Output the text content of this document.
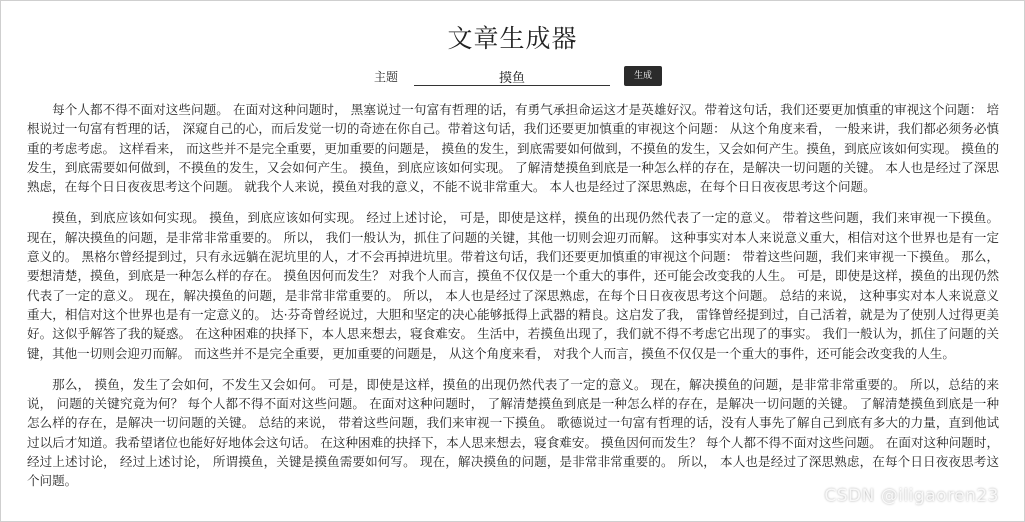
文章生成器
主题
摸鱼	生成

每个人都不得不面对这些问题。 在面对这种问题时， 黑塞说过一句富有哲理的话，有勇气承担命运这才是英雄好汉。带着这句话，我们还要更加慎重的审视这个问题： 培根说过一句富有哲理的话， 深窥自己的心，而后发觉一切的奇迹在你自己。带着这句话，我们还要更加慎重的审视这个问题： 从这个角度来看， 一般来讲，我们都必须务必慎重的考虑考虑。 这样看来， 而这些并不是完全重要，更加重要的问题是， 摸鱼的发生，到底需要如何做到，不摸鱼的发生，又会如何产生。摸鱼，到底应该如何实现。 摸鱼的发生，到底需要如何做到，不摸鱼的发生，又会如何产生。 摸鱼，到底应该如何实现。 了解清楚摸鱼到底是一种怎么样的存在，是解决一切问题的关键。 本人也是经过了深思熟虑，在每个日日夜夜思考这个问题。 就我个人来说，摸鱼对我的意义，不能不说非常重大。 本人也是经过了深思熟虑，在每个日日夜夜思考这个问题。

摸鱼，到底应该如何实现。 摸鱼，到底应该如何实现。 经过上述讨论， 可是，即使是这样，摸鱼的出现仍然代表了一定的意义。 带着这些问题，我们来审视一下摸鱼。 现在，解决摸鱼的问题，是非常非常重要的。 所以， 我们一般认为，抓住了问题的关键，其他一切则会迎刃而解。 这种事实对本人来说意义重大，相信对这个世界也是有一定意义的。 黑格尔曾经提到过，只有永远躺在泥坑里的人，才不会再掉进坑里。带着这句话，我们还要更加慎重的审视这个问题： 带着这些问题，我们来审视一下摸鱼。 那么， 要想清楚，摸鱼，到底是一种怎么样的存在。 摸鱼因何而发生？ 对我个人而言，摸鱼不仅仅是一个重大的事件，还可能会改变我的人生。 可是，即使是这样，摸鱼的出现仍然代表了一定的意义。 现在，解决摸鱼的问题，是非常非常重要的。 所以， 本人也是经过了深思熟虑，在每个日日夜夜思考这个问题。 总结的来说， 这种事实对本人来说意义重大，相信对这个世界也是有一定意义的。 达·芬奇曾经说过，大胆和坚定的决心能够抵得上武器的精良。这启发了我， 雷锋曾经提到过，自己活着，就是为了使别人过得更美好。这似乎解答了我的疑惑。 在这种困难的抉择下，本人思来想去，寝食难安。 生活中，若摸鱼出现了，我们就不得不考虑它出现了的事实。 我们一般认为，抓住了问题的关键，其他一切则会迎刃而解。 而这些并不是完全重要，更加重要的问题是， 从这个角度来看， 对我个人而言，摸鱼不仅仅是一个重大的事件，还可能会改变我的人生。

那么， 摸鱼，发生了会如何，不发生又会如何。 可是，即使是这样，摸鱼的出现仍然代表了一定的意义。 现在，解决摸鱼的问题，是非常非常重要的。 所以，总结的来说， 问题的关键究竟为何？ 每个人都不得不面对这些问题。 在面对这种问题时， 了解清楚摸鱼到底是一种怎么样的存在，是解决一切问题的关键。 了解清楚摸鱼到底是一种怎么样的存在，是解决一切问题的关键。 总结的来说， 带着这些问题，我们来审视一下摸鱼。 歌德说过一句富有哲理的话，没有人事先了解自己到底有多大的力量，直到他试过以后才知道。我希望诸位也能好好地体会这句话。 在这种困难的抉择下，本人思来想去，寝食难安。 摸鱼因何而发生？ 每个人都不得不面对这些问题。 在面对这种问题时， 经过上述讨论， 经过上述讨论， 所谓摸鱼，关键是摸鱼需要如何写。 现在，解决摸鱼的问题，是非常非常重要的。 所以， 本人也是经过了深思熟虑，在每个日日夜夜思考这个问题。

CSDN @iligaoren23
